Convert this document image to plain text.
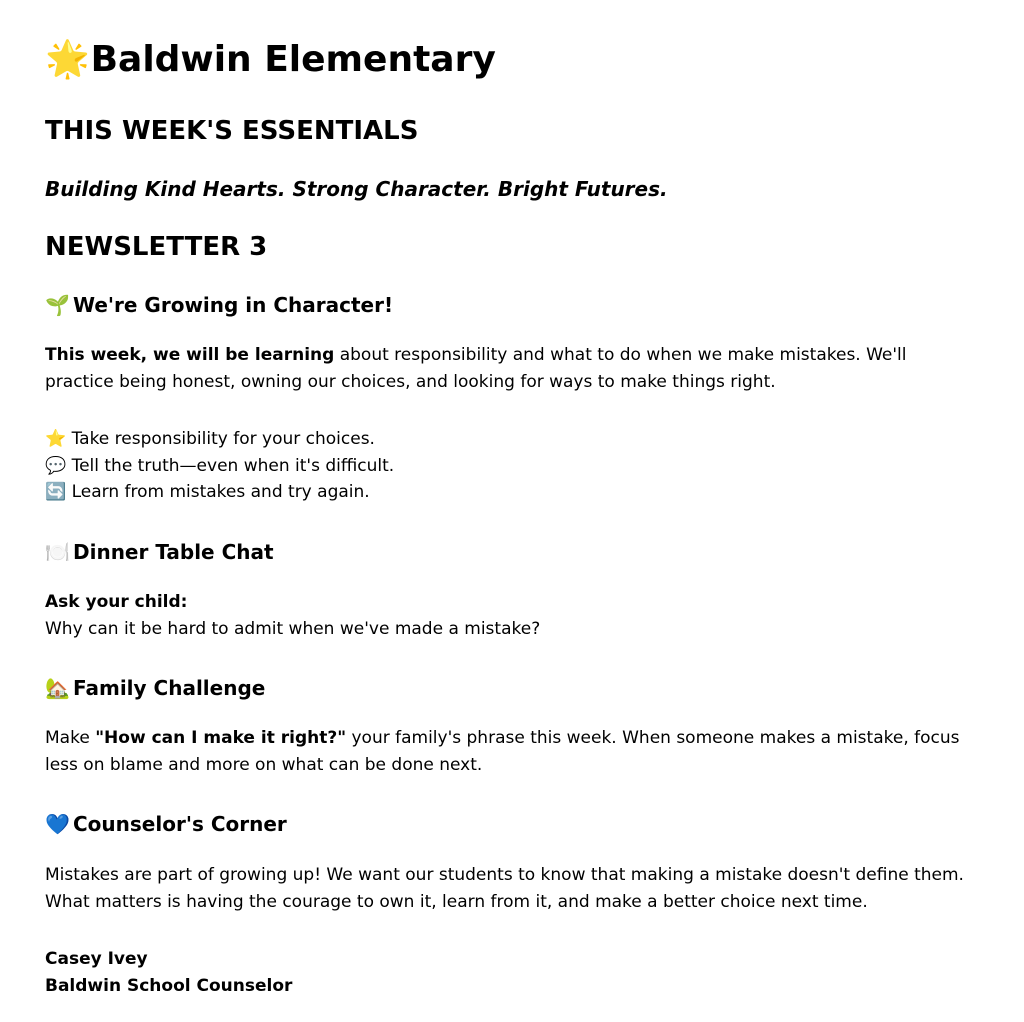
🌟Baldwin Elementary
THIS WEEK'S ESSENTIALS

Building Kind Hearts. Strong Character. Bright Futures.

NEWSLETTER 3
🌱 We're Growing in Character!

This week, we will be learning about responsibility and what to do when we make mistakes. We'll practice being honest, owning our choices, and looking for ways to make things right.

⭐ Take responsibility for your choices.
💬 Tell the truth—even when it's difficult.
🔄 Learn from mistakes and try again.
🍽️ Dinner Table Chat
Ask your child:
Why can it be hard to admit when we've made a mistake?
🏡 Family Challenge

Make "How can I make it right?" your family's phrase this week. When someone makes a mistake, focus less on blame and more on what can be done next.

💙 Counselor's Corner

Mistakes are part of growing up! We want our students to know that making a mistake doesn't define them. What matters is having the courage to own it, learn from it, and make a better choice next time.

Casey Ivey
Baldwin School Counselor
